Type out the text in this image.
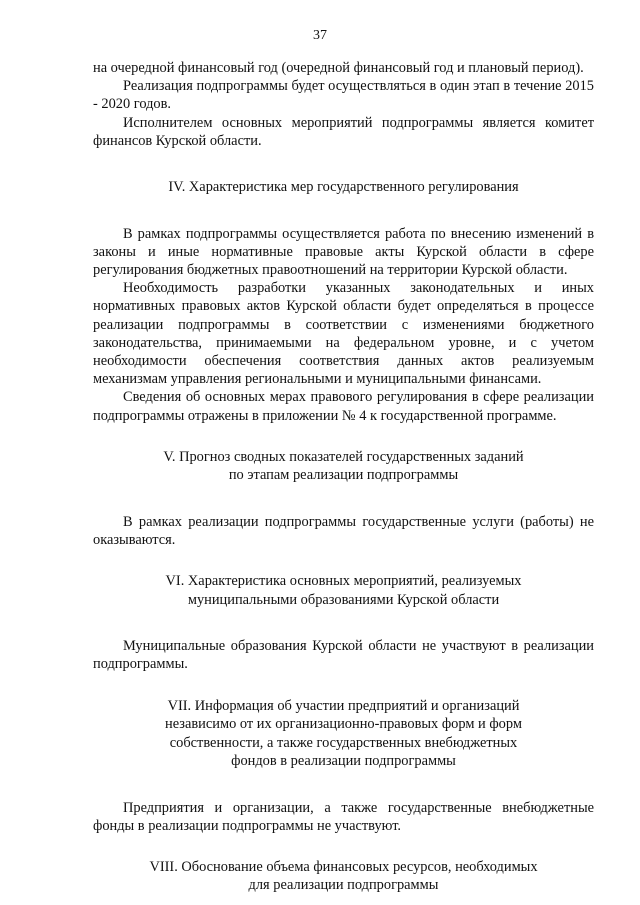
37

на очередной финансовый год (очередной финансовый год и плановый период).

Реализация подпрограммы будет осуществляться в один этап в течение 2015 - 2020 годов.

Исполнителем основных мероприятий подпрограммы является комитет финансов Курской области.

IV. Характеристика мер государственного регулирования

В рамках подпрограммы осуществляется работа по внесению изменений в законы и иные нормативные правовые акты Курской области в сфере регулирования бюджетных правоотношений на территории Курской области.

Необходимость разработки указанных законодательных и иных нормативных правовых актов Курской области будет определяться в процессе реализации подпрограммы в соответствии с изменениями бюджетного законодательства, принимаемыми на федеральном уровне, и с учетом необходимости обеспечения соответствия данных актов реализуемым механизмам управления региональными и муниципальными финансами.

Сведения об основных мерах правового регулирования в сфере реализации подпрограммы отражены в приложении № 4 к государственной программе.

V. Прогноз сводных показателей государственных заданий
по этапам реализации подпрограммы

В рамках реализации подпрограммы государственные услуги (работы) не оказываются.

VI. Характеристика основных мероприятий, реализуемых
муниципальными образованиями Курской области

Муниципальные образования Курской области не участвуют в реализации подпрограммы.

VII. Информация об участии предприятий и организаций
независимо от их организационно-правовых форм и форм
собственности, а также государственных внебюджетных
фондов в реализации подпрограммы

Предприятия и организации, а также государственные внебюджетные фонды в реализации подпрограммы не участвуют.

VIII. Обоснование объема финансовых ресурсов, необходимых
для реализации подпрограммы
